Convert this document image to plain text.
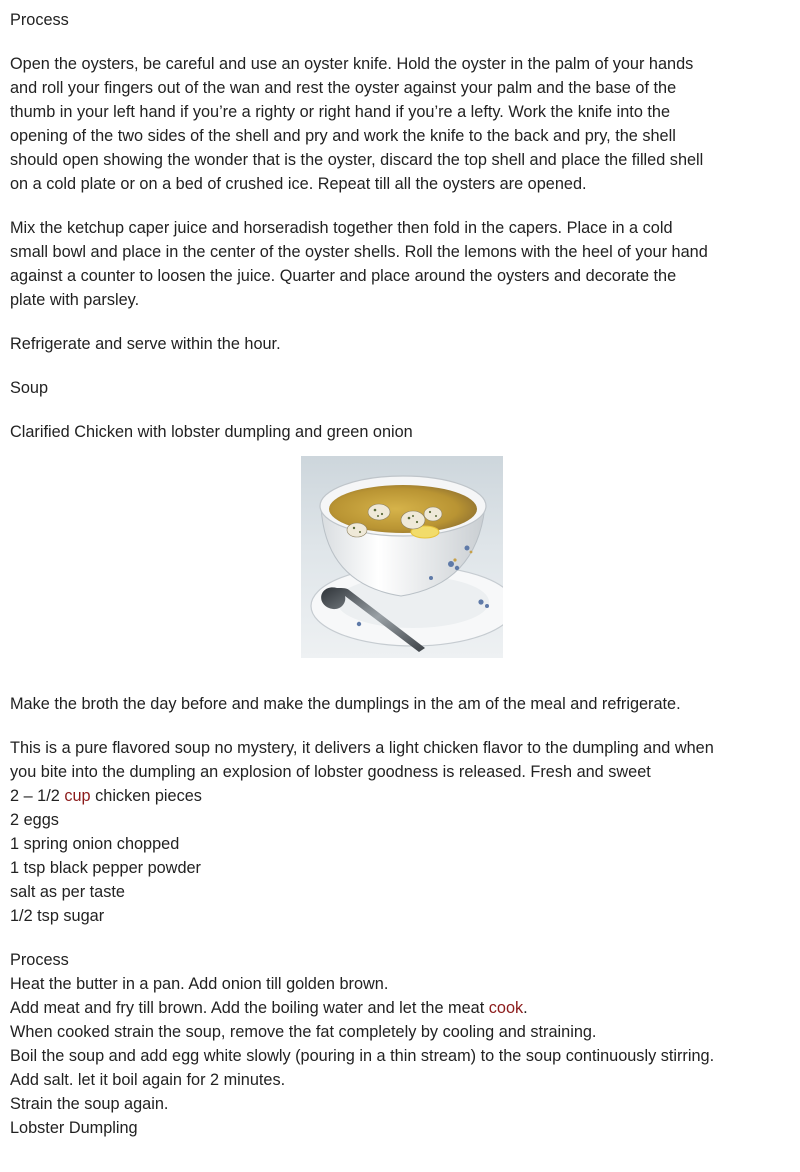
Process

Open the oysters, be careful and use an oyster knife. Hold the oyster in the palm of your hands
and roll your fingers out of the wan and rest the oyster against your palm and the base of the
thumb in your left hand if you’re a righty or right hand if you’re a lefty. Work the knife into the
opening of the two sides of the shell and pry and work the knife to the back and pry, the shell
should open showing the wonder that is the oyster, discard the top shell and place the filled shell
on a cold plate or on a bed of crushed ice. Repeat till all the oysters are opened.

Mix the ketchup caper juice and horseradish together then fold in the capers. Place in a cold
small bowl and place in the center of the oyster shells. Roll the lemons with the heel of your hand
against a counter to loosen the juice. Quarter and place around the oysters and decorate the
plate with parsley.

Refrigerate and serve within the hour.

Soup

Clarified Chicken with lobster dumpling and green onion

Make the broth the day before and make the dumplings in the am of the meal and refrigerate.

This is a pure flavored soup no mystery, it delivers a light chicken flavor to the dumpling and when
you bite into the dumpling an explosion of lobster goodness is released. Fresh and sweet
2 – 1/2 cup chicken pieces
2 eggs
1 spring onion chopped
1 tsp black pepper powder
salt as per taste
1/2 tsp sugar
Process
Heat the butter in a pan. Add onion till golden brown.
Add meat and fry till brown. Add the boiling water and let the meat cook.
When cooked strain the soup, remove the fat completely by cooling and straining.
Boil the soup and add egg white slowly (pouring in a thin stream) to the soup continuously stirring.
Add salt. let it boil again for 2 minutes.
Strain the soup again.
Lobster Dumpling
